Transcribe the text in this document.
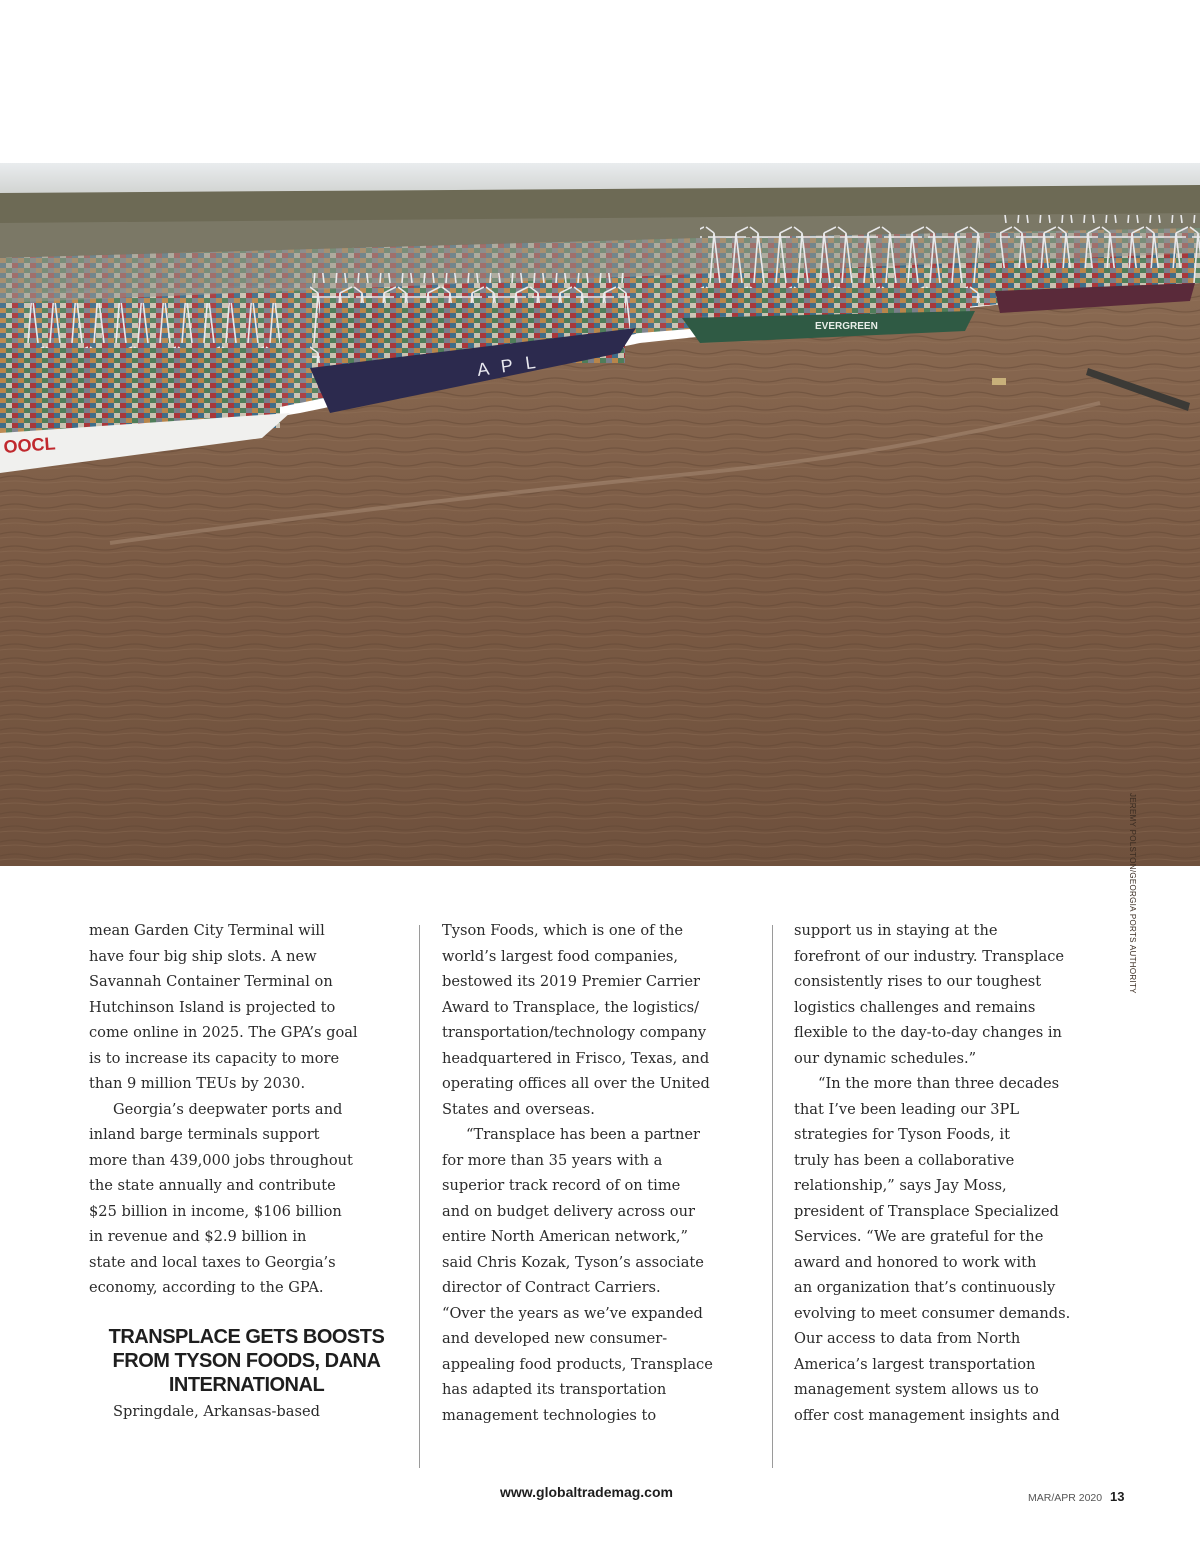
EVERGREEN
A P L
OOCL
JEREMY POLSTON/GEORGIA PORTS AUTHORITY

mean Garden City Terminal will

have four big ship slots. A new

Savannah Container Terminal on

Hutchinson Island is projected to

come online in 2025. The GPA’s goal

is to increase its capacity to more

than 9 million TEUs by 2030.

Georgia’s deepwater ports and

inland barge terminals support

more than 439,000 jobs throughout

the state annually and contribute

$25 billion in income, $106 billion

in revenue and $2.9 billion in

state and local taxes to Georgia’s

economy, according to the GPA.

TRANSPLACE GETS BOOSTS
FROM TYSON FOODS, DANA
INTERNATIONAL

Springdale, Arkansas-based

Tyson Foods, which is one of the

world’s largest food companies,

bestowed its 2019 Premier Carrier

Award to Transplace, the logistics/

transportation/technology company

headquartered in Frisco, Texas, and

operating offices all over the United

States and overseas.

“Transplace has been a partner

for more than 35 years with a

superior track record of on time

and on budget delivery across our

entire North American network,”

said Chris Kozak, Tyson’s associate

director of Contract Carriers.

“Over the years as we’ve expanded

and developed new consumer-

appealing food products, Transplace

has adapted its transportation

management technologies to

support us in staying at the

forefront of our industry. Transplace

consistently rises to our toughest

logistics challenges and remains

flexible to the day-to-day changes in

our dynamic schedules.”

“In the more than three decades

that I’ve been leading our 3PL

strategies for Tyson Foods, it

truly has been a collaborative

relationship,” says Jay Moss,

president of Transplace Specialized

Services. “We are grateful for the

award and honored to work with

an organization that’s continuously

evolving to meet consumer demands.

Our access to data from North

America’s largest transportation

management system allows us to

offer cost management insights and

www.globaltrademag.com	MAR/APR 2020 13
